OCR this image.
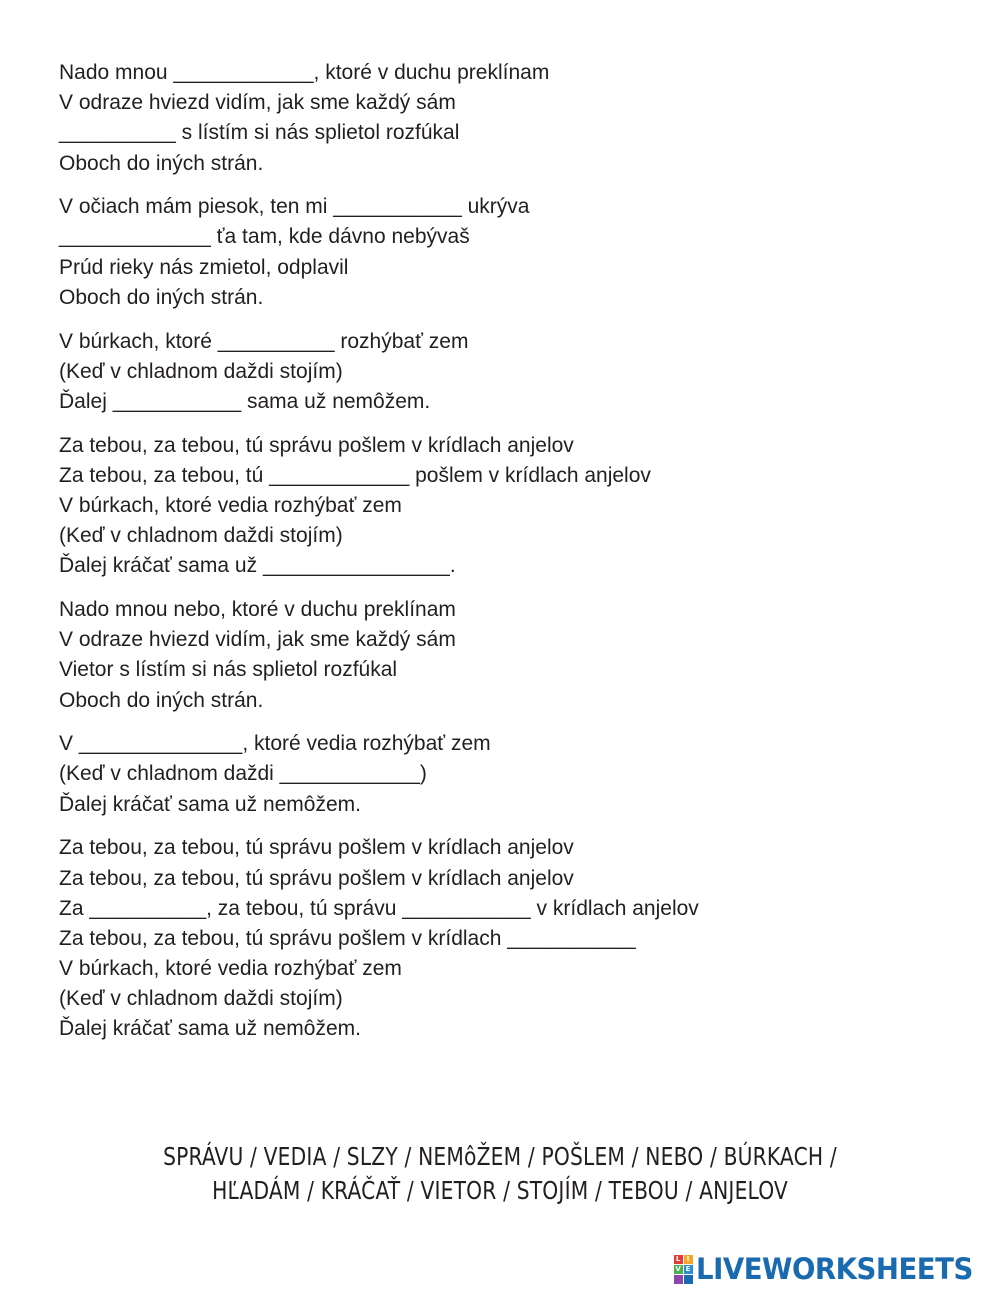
Nado mnou ____________, ktoré v duchu preklínam
V odraze hviezd vidím, jak sme každý sám
__________ s lístím si nás splietol rozfúkal
Oboch do iných strán.
V očiach mám piesok, ten mi ___________ ukrýva
_____________ ťa tam, kde dávno nebývaš
Prúd rieky nás zmietol, odplavil
Oboch do iných strán.
V búrkach, ktoré __________ rozhýbať zem
(Keď v chladnom daždi stojím)
Ďalej ___________ sama už nemôžem.
Za tebou, za tebou, tú správu pošlem v krídlach anjelov
Za tebou, za tebou, tú ____________ pošlem v krídlach anjelov
V búrkach, ktoré vedia rozhýbať zem
(Keď v chladnom daždi stojím)
Ďalej kráčať sama už ________________.
Nado mnou nebo, ktoré v duchu preklínam
V odraze hviezd vidím, jak sme každý sám
Vietor s lístím si nás splietol rozfúkal
Oboch do iných strán.
V ______________, ktoré vedia rozhýbať zem
(Keď v chladnom daždi ____________)
Ďalej kráčať sama už nemôžem.
Za tebou, za tebou, tú správu pošlem v krídlach anjelov
Za tebou, za tebou, tú správu pošlem v krídlach anjelov
Za __________, za tebou, tú správu ___________ v krídlach anjelov
Za tebou, za tebou, tú správu pošlem v krídlach ___________
V búrkach, ktoré vedia rozhýbať zem
(Keď v chladnom daždi stojím)
Ďalej kráčať sama už nemôžem.
SPRÁVU / VEDIA / SLZY / NEMôŽEM / POŠLEM / NEBO / BÚRKACH /
HĽADÁM / KRÁČAŤ / VIETOR / STOJÍM / TEBOU / ANJELOV
L I
V E LIVEWORKSHEETS
